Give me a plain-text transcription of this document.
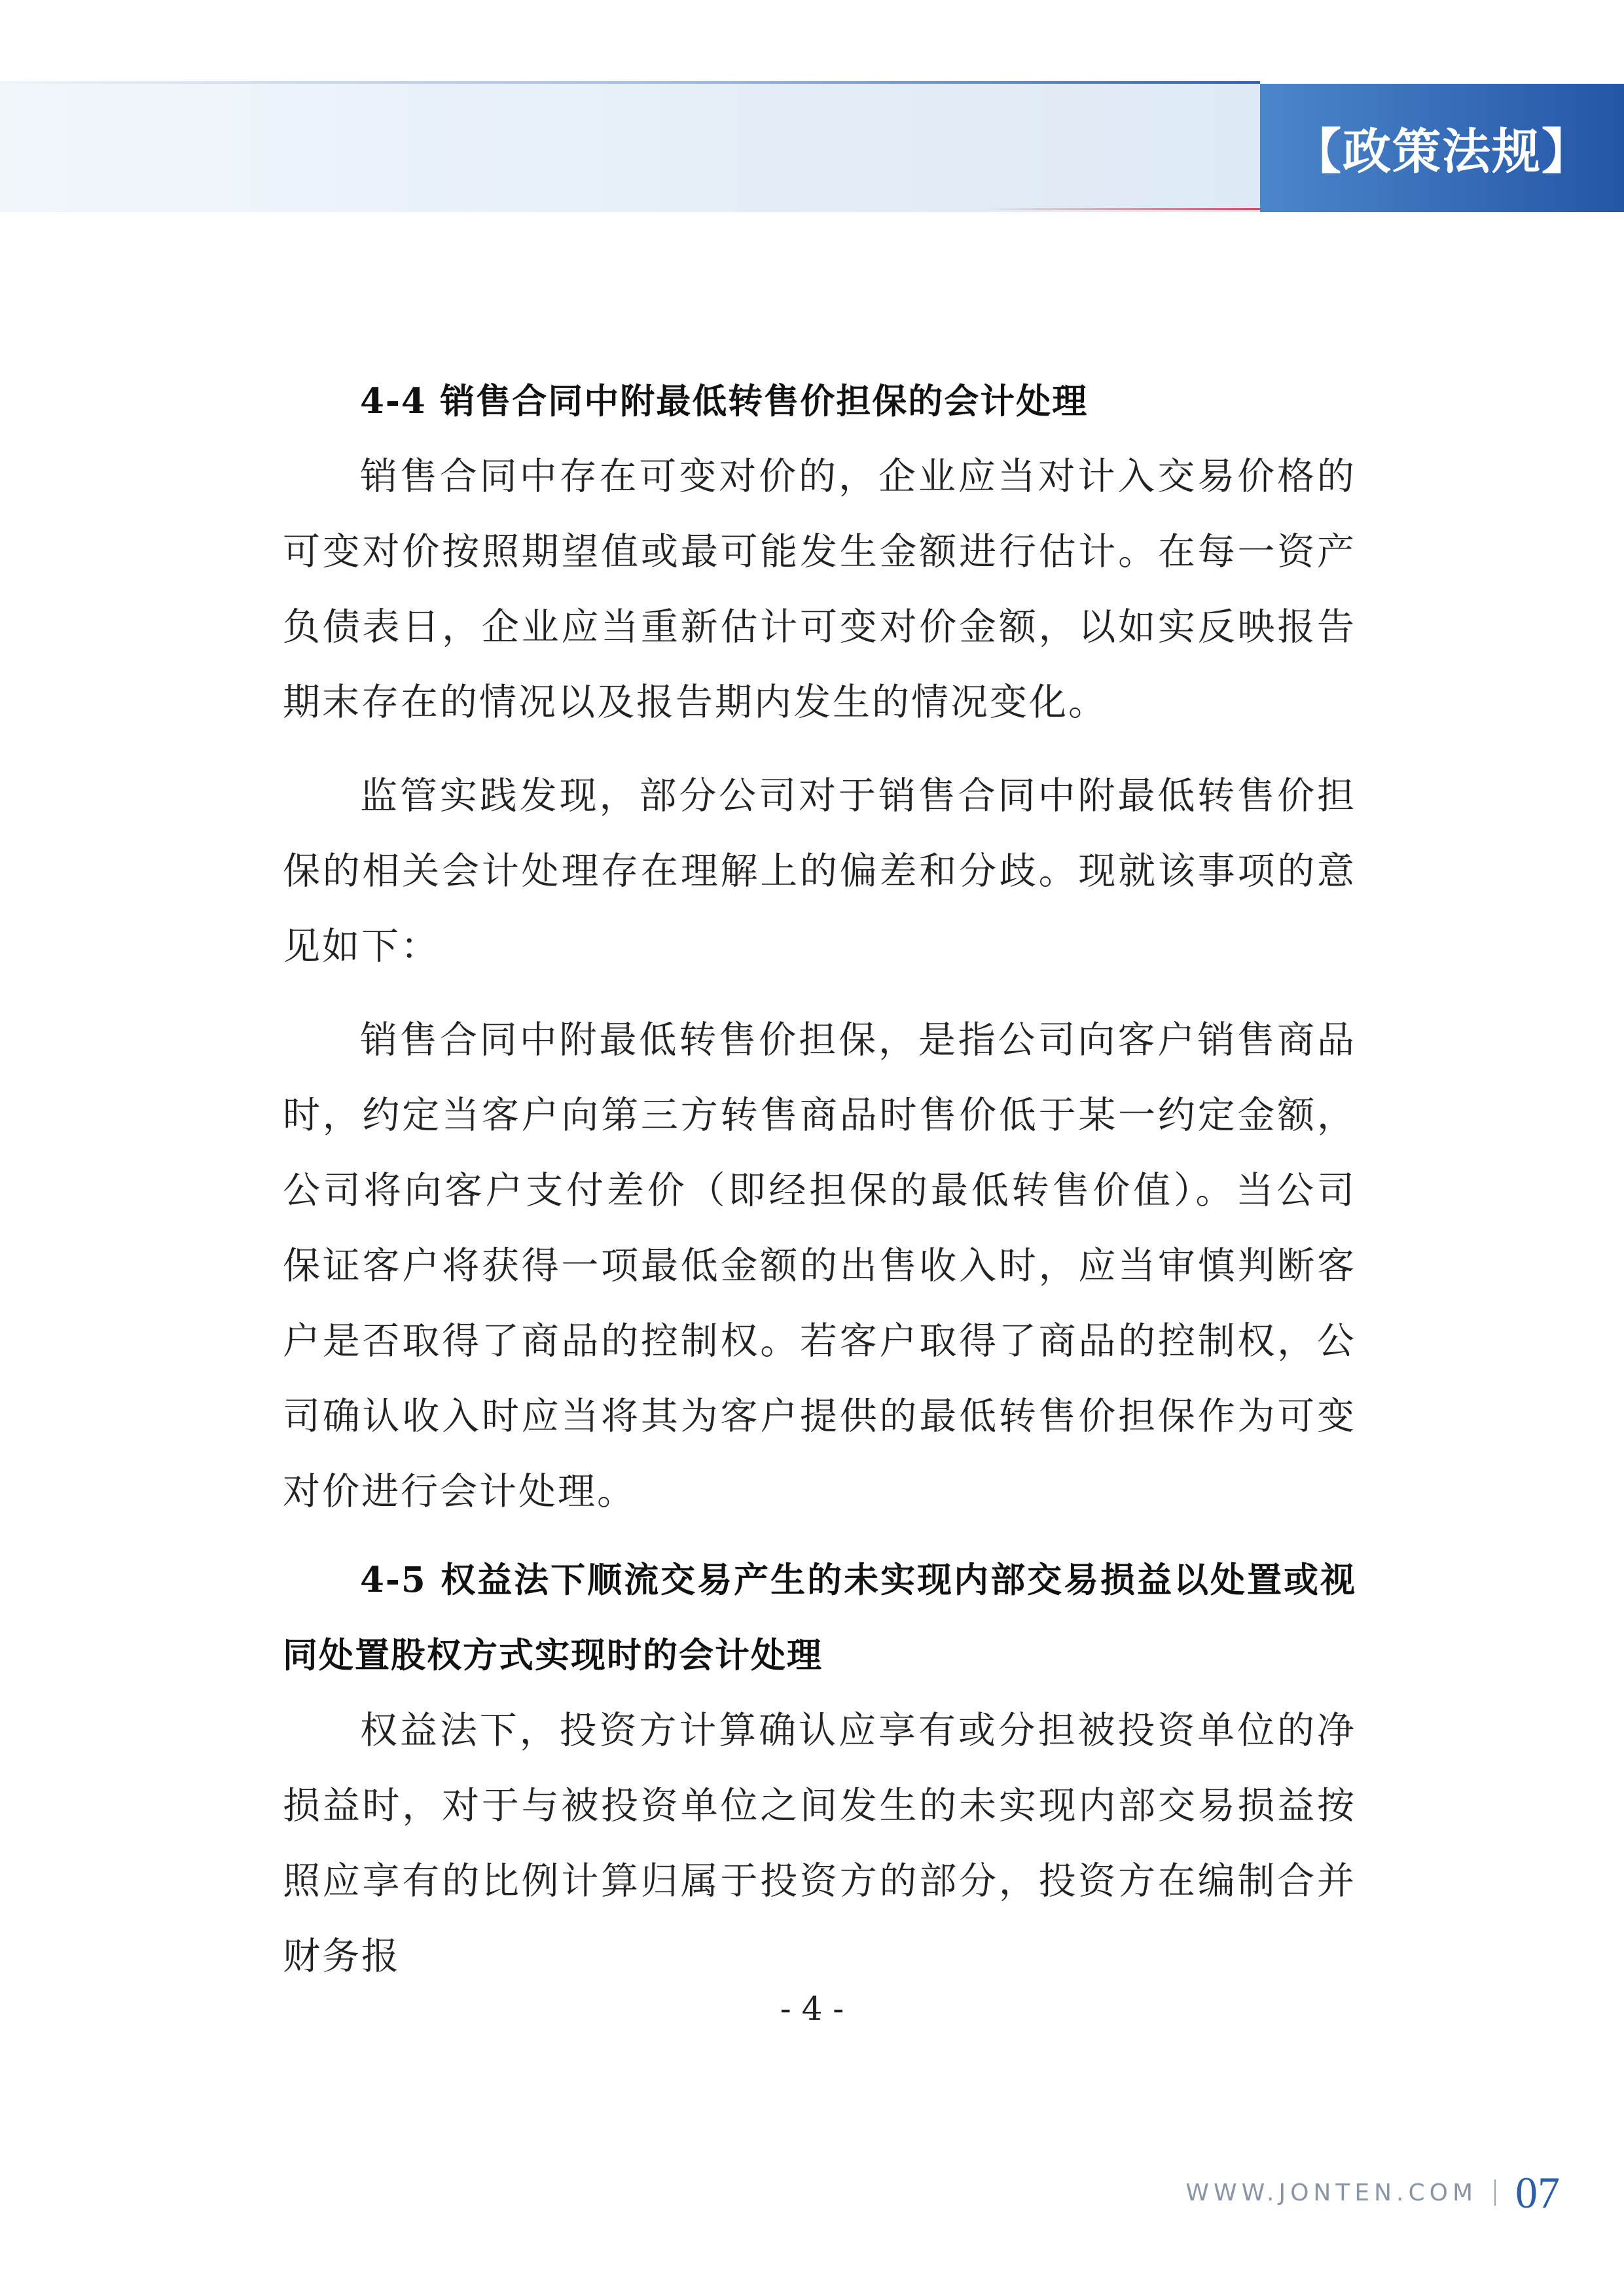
【政策法规】

4-4 销售合同中附最低转售价担保的会计处理

销售合同中存在可变对价的，企业应当对计入交易价格的可变对价按照期望值或最可能发生金额进行估计。在每一资产负债表日，企业应当重新估计可变对价金额，以如实反映报告期末存在的情况以及报告期内发生的情况变化。

监管实践发现，部分公司对于销售合同中附最低转售价担保的相关会计处理存在理解上的偏差和分歧。现就该事项的意见如下：

销售合同中附最低转售价担保，是指公司向客户销售商品时，约定当客户向第三方转售商品时售价低于某一约定金额，公司将向客户支付差价（即经担保的最低转售价值）。当公司保证客户将获得一项最低金额的出售收入时，应当审慎判断客户是否取得了商品的控制权。若客户取得了商品的控制权，公司确认收入时应当将其为客户提供的最低转售价担保作为可变对价进行会计处理。

4-5 权益法下顺流交易产生的未实现内部交易损益以处置或视同处置股权方式实现时的会计处理

权益法下，投资方计算确认应享有或分担被投资单位的净损益时，对于与被投资单位之间发生的未实现内部交易损益按照应享有的比例计算归属于投资方的部分，投资方在编制合并财务报

- 4 -
WWW.JONTEN.COM 07
